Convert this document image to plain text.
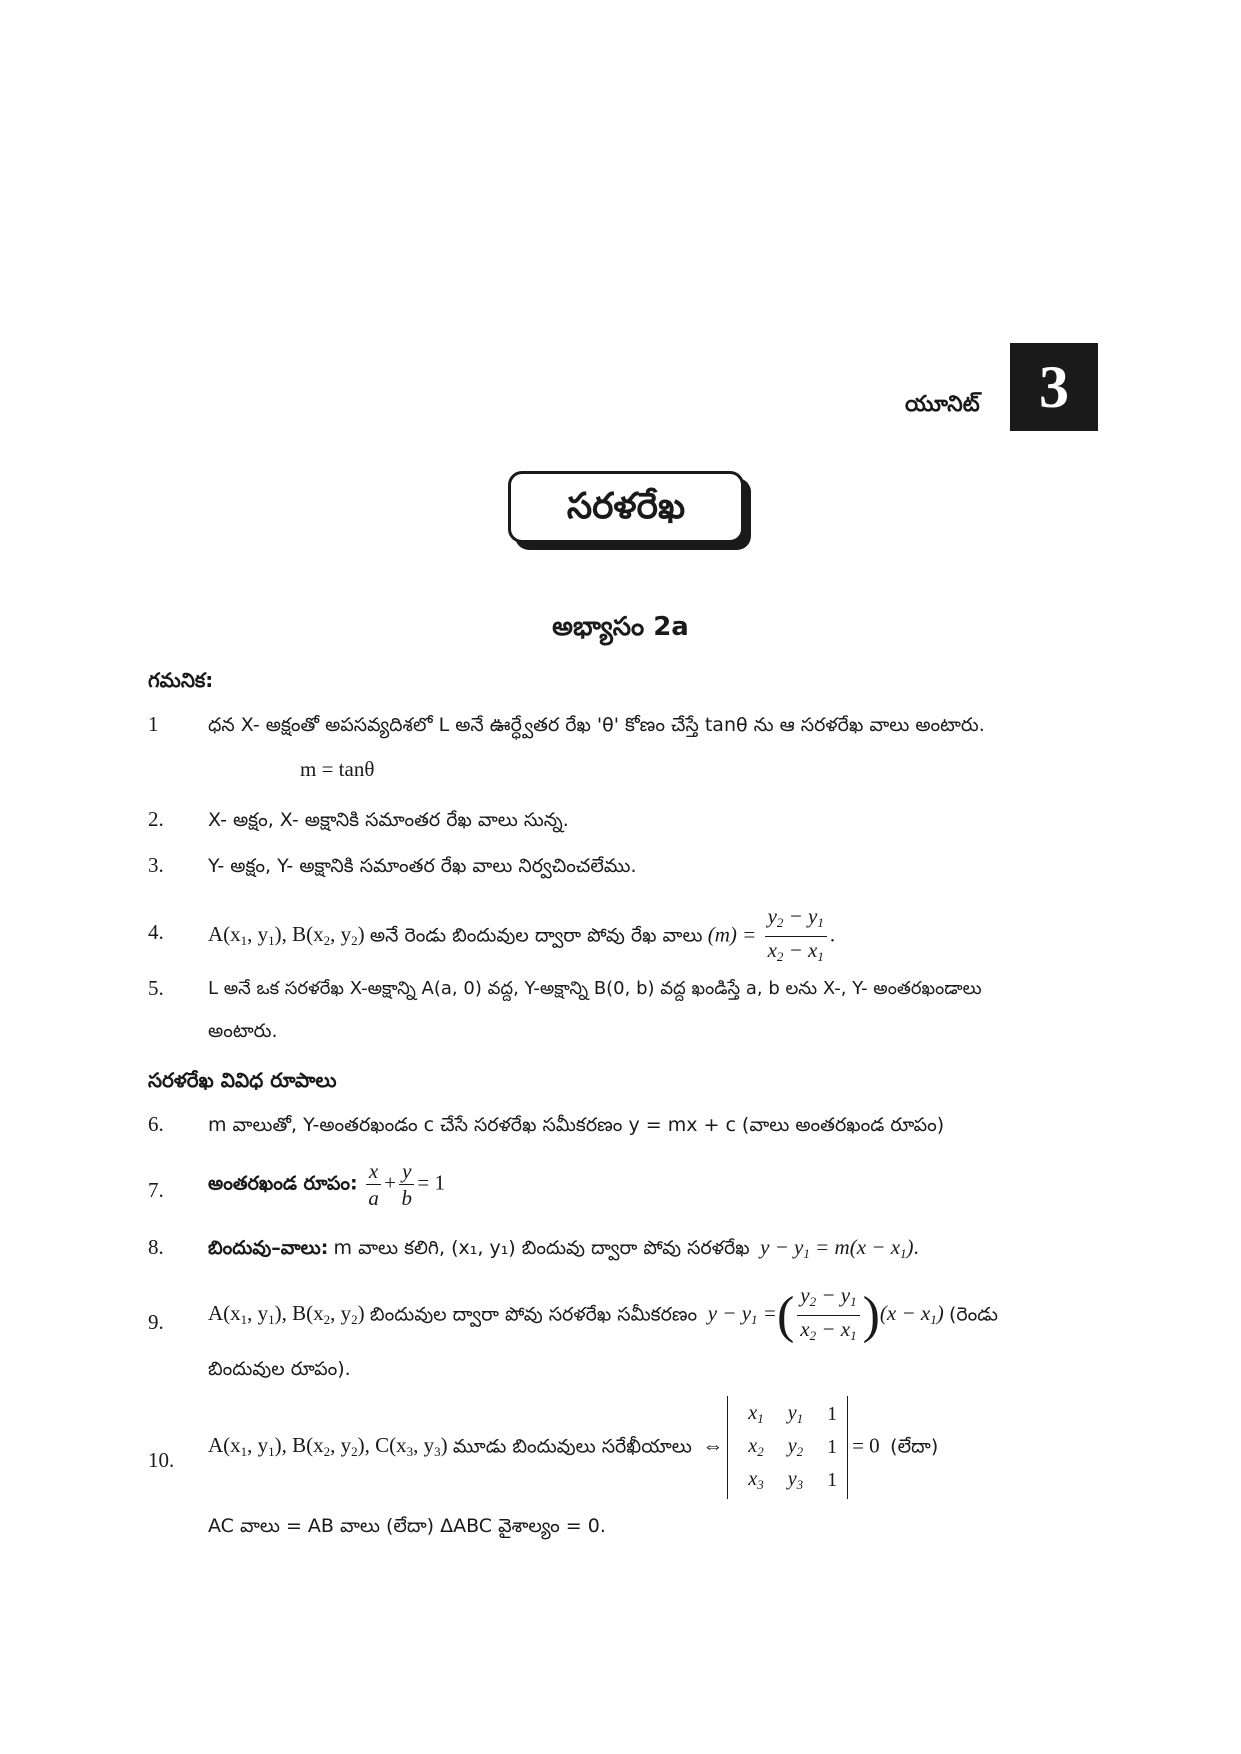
యూనిట్ 3
సరళరేఖ
అభ్యాసం 2a
గమనిక:
1	ధన X- అక్షంతో అపసవ్యదిశలో L అనే ఊర్ధ్వేతర రేఖ 'θ' కోణం చేస్తే tanθ ను ఆ సరళరేఖ వాలు అంటారు.
m = tanθ
2.	X- అక్షం, X- అక్షానికి సమాంతర రేఖ వాలు సున్న.
3.	Y- అక్షం, Y- అక్షానికి సమాంతర రేఖ వాలు నిర్వచించలేము.
4.	$A(x_1$, $y_1$), $B(x_2$, $y_2$) అనే రెండు బిందువుల ద్వారా పోవు రేఖ వాలు $(m) = \frac{y_2 - y_1}{x_2 - x_1}$ .
5.	L అనే ఒక సరళరేఖ X-అక్షాన్ని A(a, 0) వద్ద, Y-అక్షాన్ని B(0, b) వద్ద ఖండిస్తే a, b లను X-, Y- అంతరఖండాలు
అంటారు.
సరళరేఖ వివిధ రూపాలు
6.	m వాలుతో, Y-అంతరఖండం c చేసే సరళరేఖ సమీకరణం y = mx + c (వాలు అంతరఖండ రూపం)
7.	అంతరఖండ రూపం: $\frac{x}{a} + \frac{y}{b} = 1$
8.	బిందువు–వాలు: m వాలు కలిగి, (x₁, y₁) బిందువు ద్వారా పోవు సరళరేఖ  $y - y_1 = m(x - x_1)$.
9.	$A(x_1$, $y_1$), $B(x_2$, $y_2$) బిందువుల ద్వారా పోవు సరళరేఖ సమీకరణం  $y - y_1$ =( $\frac{y_2 - y_1}{x_2 - x_1} )(x - x_1)$ (రెండు
బిందువుల రూపం).
10.
$A(x_1$, $y_1$), $B(x_2$, $y_2$), $C(x_3$, $y_3$) మూడు బిందువులు సరేఖీయాలు  ⇔
$x_1$	$y_1$	1
$x_2$	$y_2$	1
$x_3$	$y_3$	1
= 0  (లేదా)
AC వాలు = AB వాలు (లేదా) ΔABC వైశాల్యం = 0.
